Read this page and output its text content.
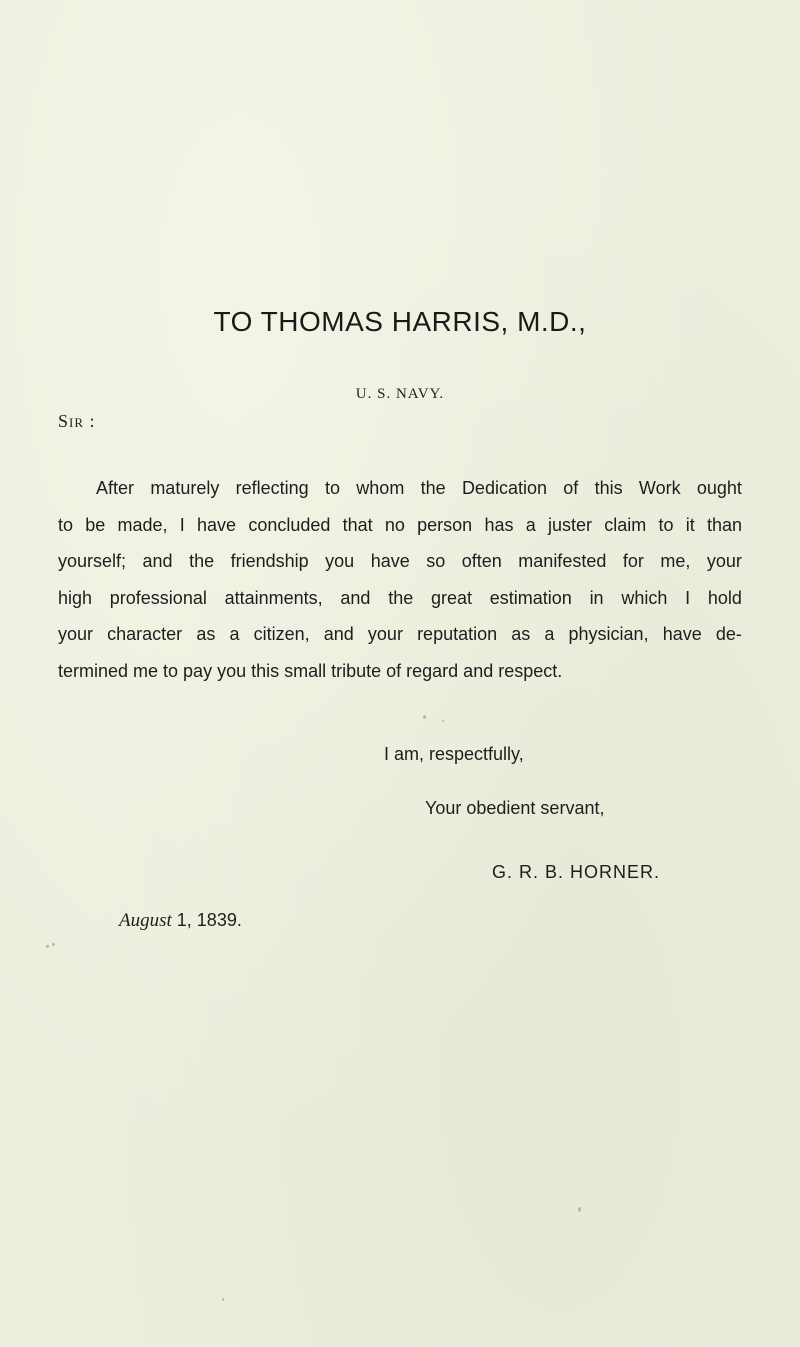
TO THOMAS HARRIS, M.D.,
U. S. NAVY.
Sir :
After maturely reflecting to whom the Dedication of this Work ought
to be made, I have concluded that no person has a juster claim to it than
yourself; and the friendship you have so often manifested for me, your
high professional attainments, and the great estimation in which I hold
your character as a citizen, and your reputation as a physician, have de-
termined me to pay you this small tribute of regard and respect.
I am, respectfully,
Your obedient servant,
G. R. B. HORNER.
August 1, 1839.
